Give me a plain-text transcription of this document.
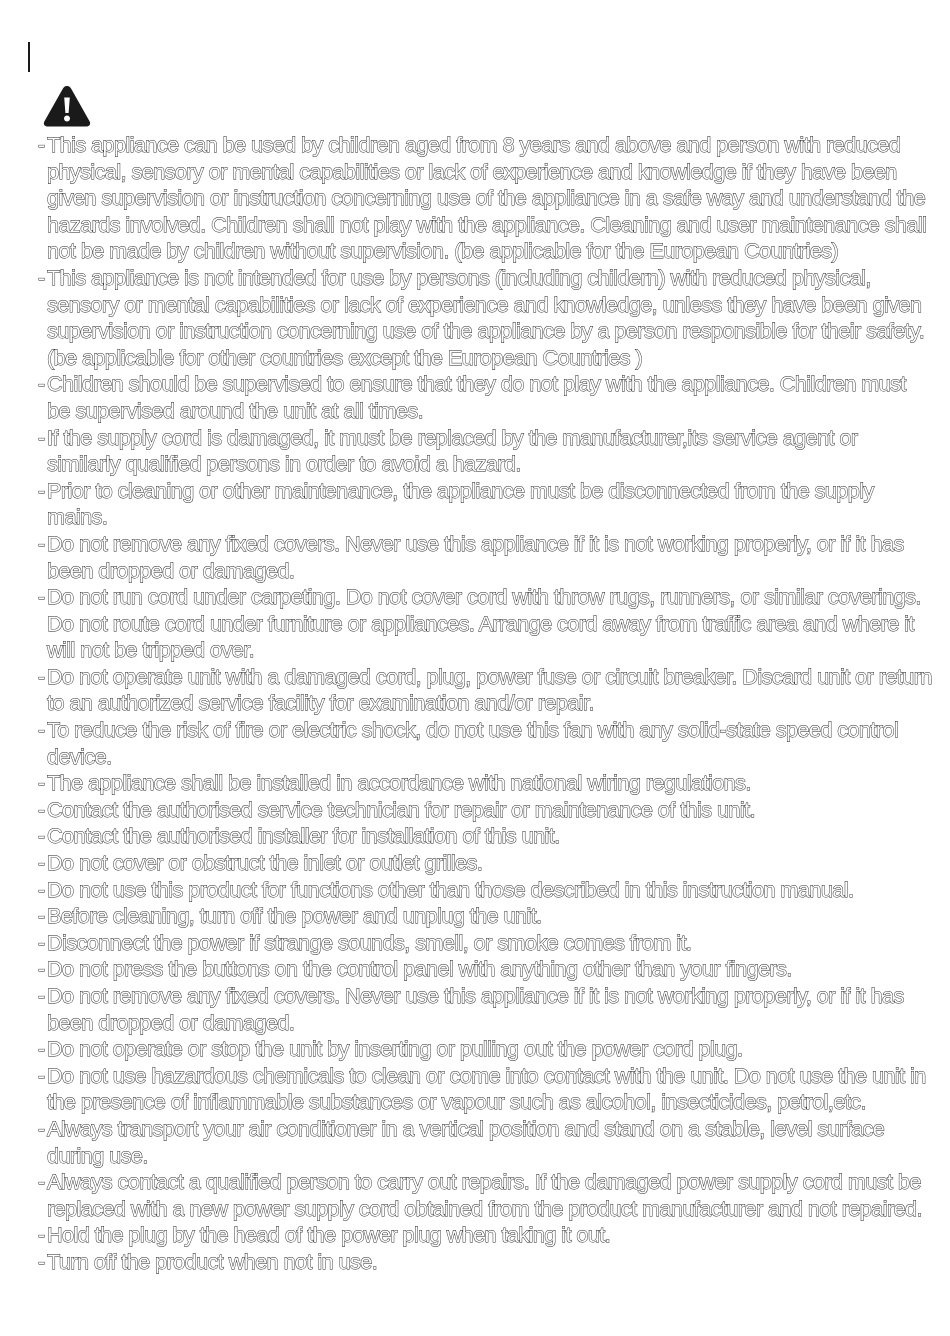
- This appliance can be used by children aged from 8 years and above and person with reduced physical, sensory or mental capabilities or lack of experience and knowledge if they have been given supervision or instruction concerning use of the appliance in a safe way and understand the hazards involved. Children shall not play with the appliance. Cleaning and user maintenance shall not be made by children without supervision. (be applicable for the European Countries)
- This appliance is not intended for use by persons (including childern) with reduced physical, sensory or mental capabilities or lack of experience and knowledge, unless they have been given supervision or instruction concerning use of the appliance by a person responsible for their safety. (be applicable for other countries except the European Countries )
- Children should be supervised to ensure that they do not play with the appliance. Children must be supervised around the unit at all times.
- If the supply cord is damaged, it must be replaced by the manufacturer,its service agent or similarly qualified persons in order to avoid a hazard.
- Prior to cleaning or other maintenance, the appliance must be disconnected from the supply mains.
- Do not remove any fixed covers. Never use this appliance if it is not working properly, or if it has been dropped or damaged.
- Do not run cord under carpeting. Do not cover cord with throw rugs, runners, or similar coverings. Do not route cord under furniture or appliances. Arrange cord away from traffic area and where it will not be tripped over.
- Do not operate unit with a damaged cord, plug, power fuse or circuit breaker. Discard unit or return to an authorized service facility for examination and/or repair.
- To reduce the risk of fire or electric shock, do not use this fan with any solid-state speed control device.
- The appliance shall be installed in accordance with national wiring regulations.
- Contact the authorised service technician for repair or maintenance of this unit.
- Contact the authorised installer for installation of this unit.
- Do not cover or obstruct the inlet or outlet grilles.
- Do not use this product for functions other than those described in this instruction manual.
- Before cleaning, turn off the power and unplug the unit.
- Disconnect the power if strange sounds, smell, or smoke comes from it.
- Do not press the buttons on the control panel with anything other than your fingers.
- Do not remove any fixed covers. Never use this appliance if it is not working properly, or if it has been dropped or damaged.
- Do not operate or stop the unit by inserting or pulling out the power cord plug.
- Do not use hazardous chemicals to clean or come into contact with the unit. Do not use the unit in the presence of inflammable substances or vapour such as alcohol, insecticides, petrol,etc.
- Always transport your air conditioner in a vertical position and stand on a stable, level surface during use.
- Always contact a qualified person to carry out repairs. If the damaged power supply cord must be replaced with a new power supply cord obtained from the product manufacturer and not repaired.
- Hold the plug by the head of the power plug when taking it out.
- Turn off the product when not in use.
